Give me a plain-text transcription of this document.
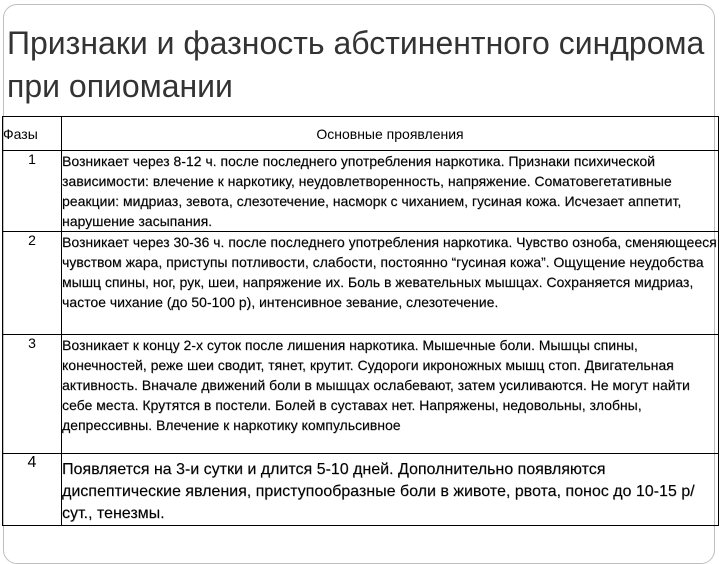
Признаки и фазность абстинентного синдрома при опиомании
Фазы	Основные проявления
1	Возникает через 8-12 ч. после последнего употребления наркотика. Признаки психической зависимости: влечение к наркотику, неудовлетворенность, напряжение. Соматовегетативные реакции: мидриаз, зевота, слезотечение, насморк с чиханием, гусиная кожа. Исчезает аппетит, нарушение засыпания.
2	Возникает через 30-36 ч. после последнего употребления наркотика. Чувство озноба, сменяющееся чувством жара, приступы потливости, слабости, постоянно “гусиная кожа”. Ощущение неудобства мышц спины, ног, рук, шеи, напряжение их. Боль в жевательных мышцах. Сохраняется мидриаз, частое чихание (до 50-100 р), интенсивное зевание, слезотечение.
3	Возникает к концу 2-х суток после лишения наркотика. Мышечные боли. Мышцы спины, конечностей, реже шеи сводит, тянет, крутит. Судороги икроножных мышц стоп. Двигательная активность. Вначале движений боли в мышцах ослабевают, затем усиливаются. Не могут найти себе места. Крутятся в постели. Болей в суставах нет. Напряжены, недовольны, злобны, депрессивны. Влечение к наркотику компульсивное
4	Появляется на 3-и сутки и длится 5-10 дней. Дополнительно появляются диспептические явления, приступообразные боли в животе, рвота, понос до 10-15 р/сут., тенезмы.
